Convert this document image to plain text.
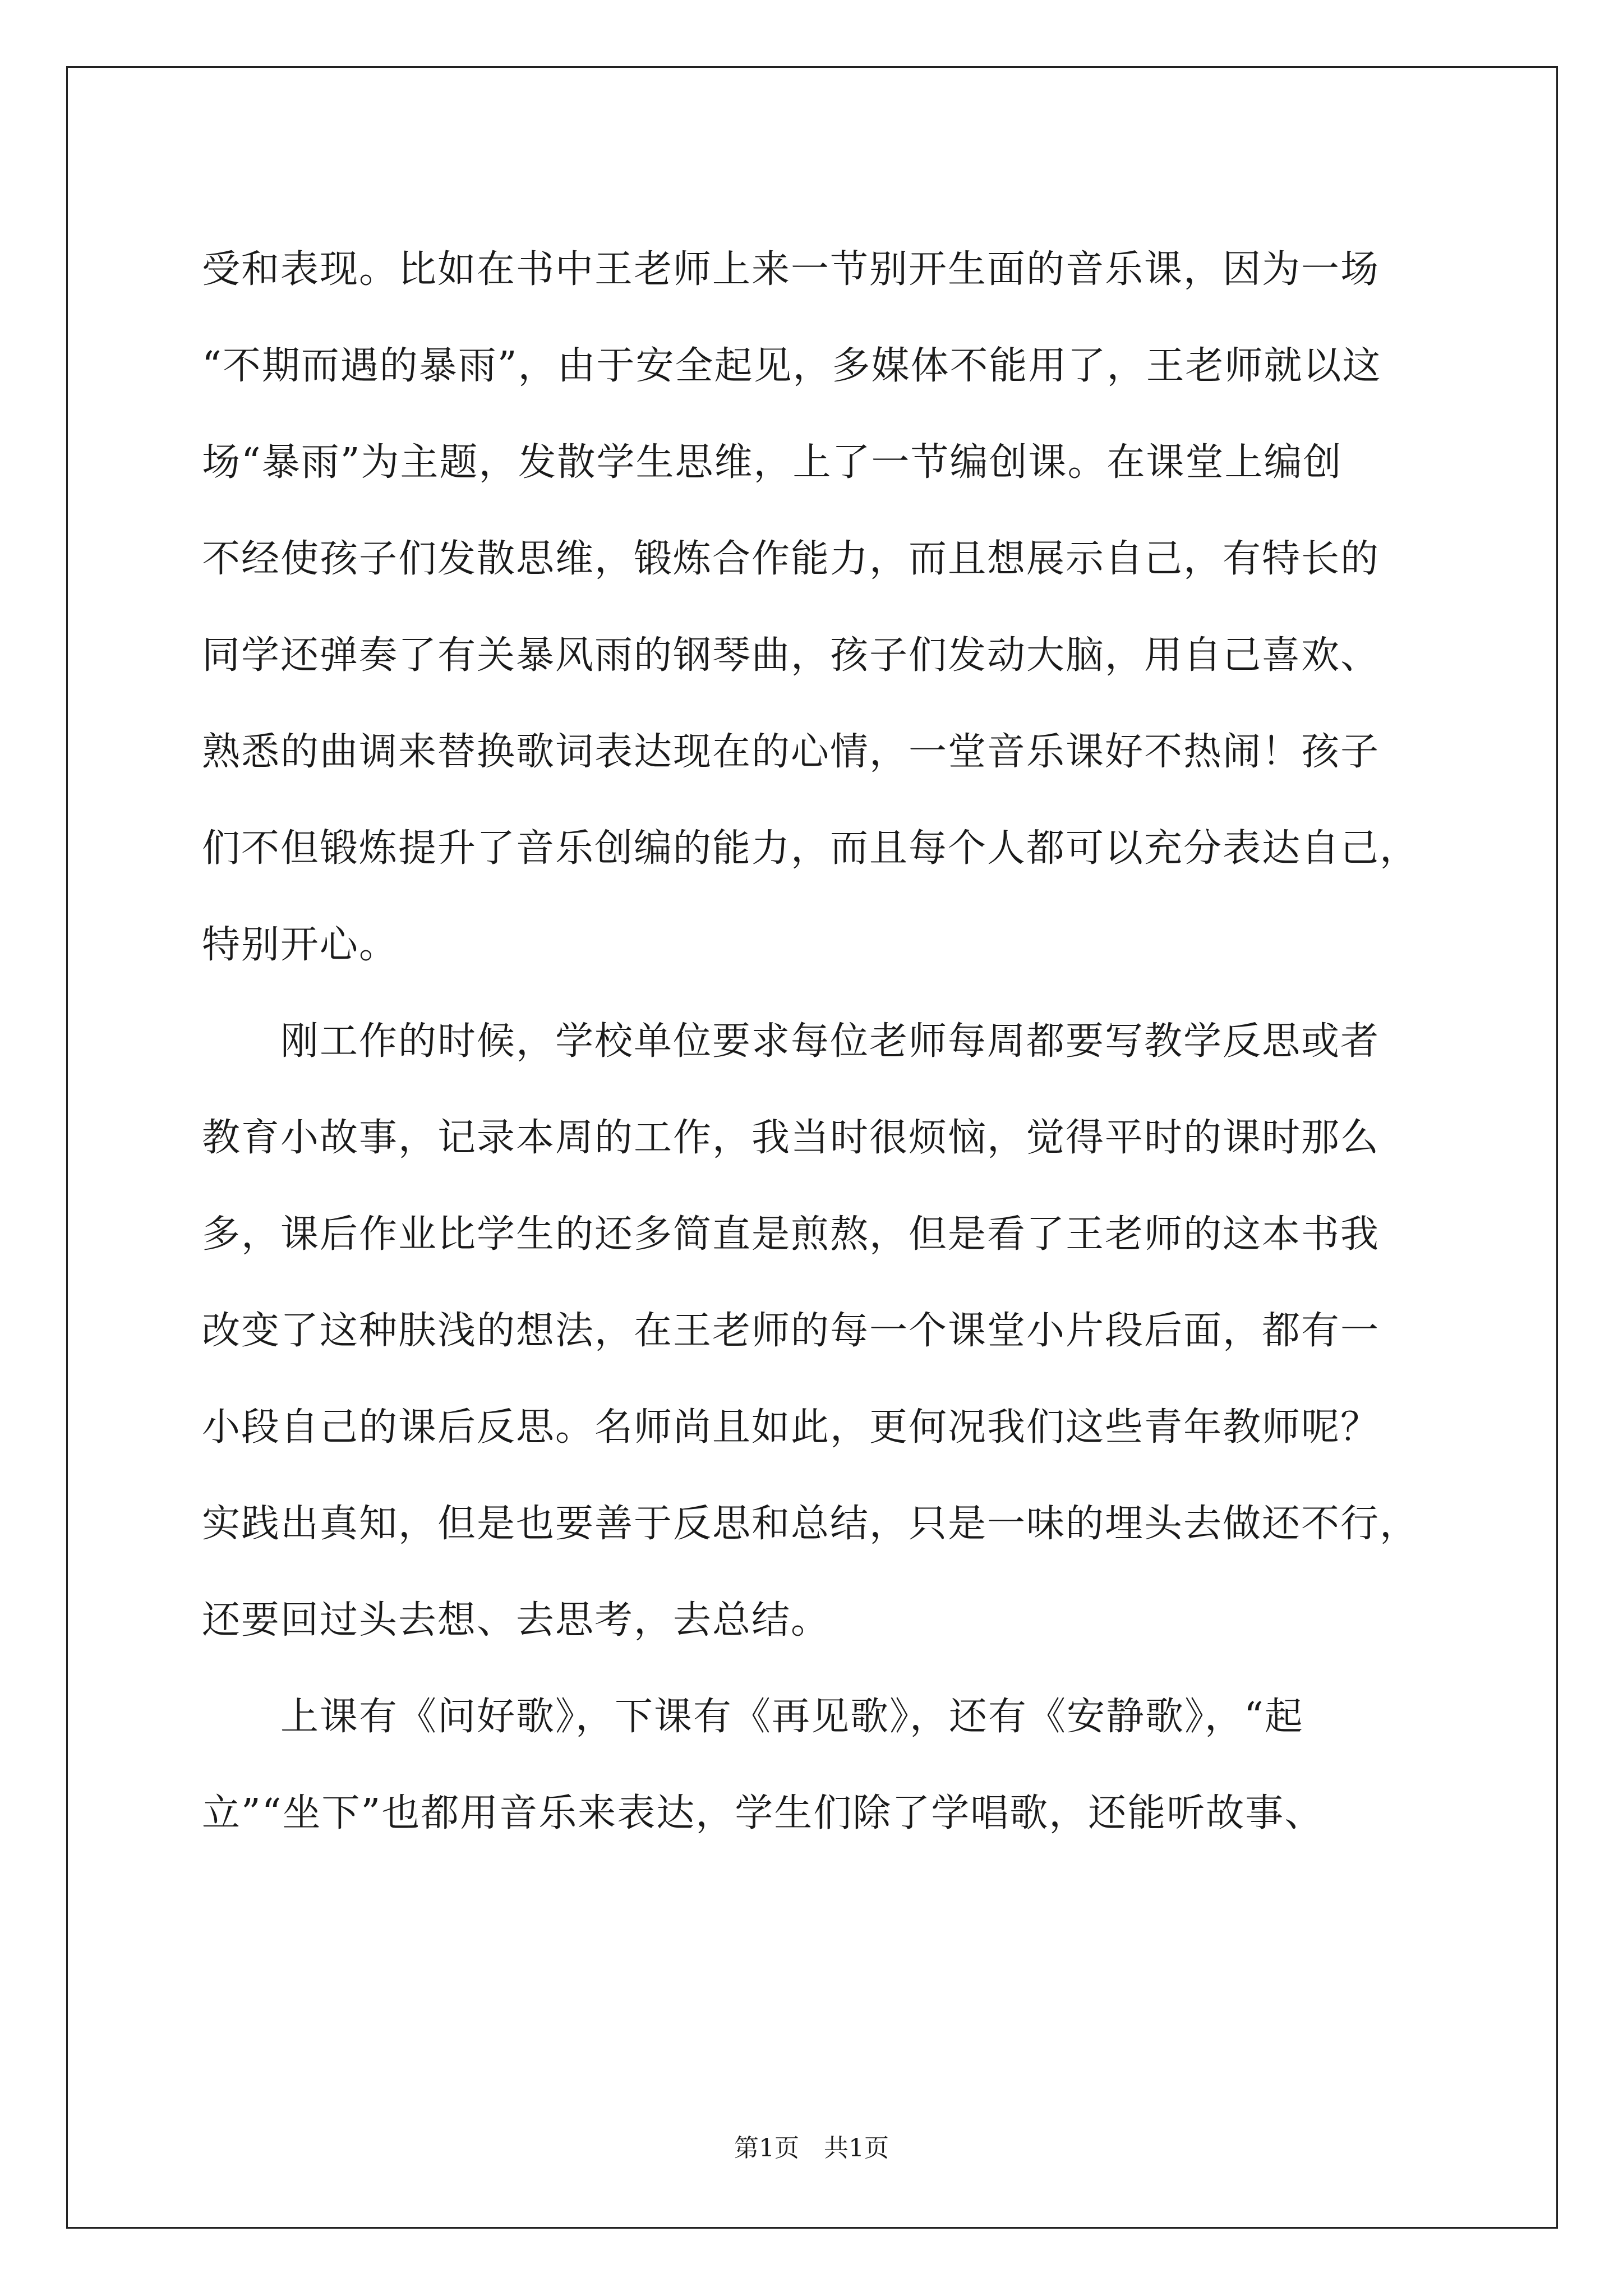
受和表现。比如在书中王老师上来一节别开生面的音乐课，因为一场

“不期而遇的暴雨”，由于安全起见，多媒体不能用了，王老师就以这

场“暴雨”为主题，发散学生思维，上了一节编创课。在课堂上编创

不经使孩子们发散思维，锻炼合作能力，而且想展示自己，有特长的

同学还弹奏了有关暴风雨的钢琴曲，孩子们发动大脑，用自己喜欢、

熟悉的曲调来替换歌词表达现在的心情，一堂音乐课好不热闹！孩子

们不但锻炼提升了音乐创编的能力，而且每个人都可以充分表达自己，

特别开心。

　　刚工作的时候，学校单位要求每位老师每周都要写教学反思或者

教育小故事，记录本周的工作，我当时很烦恼，觉得平时的课时那么

多，课后作业比学生的还多简直是煎熬，但是看了王老师的这本书我

改变了这种肤浅的想法，在王老师的每一个课堂小片段后面，都有一

小段自己的课后反思。名师尚且如此，更何况我们这些青年教师呢？

实践出真知，但是也要善于反思和总结，只是一味的埋头去做还不行，

还要回过头去想、去思考，去总结。

　　上课有《问好歌》，下课有《再见歌》，还有《安静歌》，“起

立”“坐下”也都用音乐来表达，学生们除了学唱歌，还能听故事、

第1页　共1页
